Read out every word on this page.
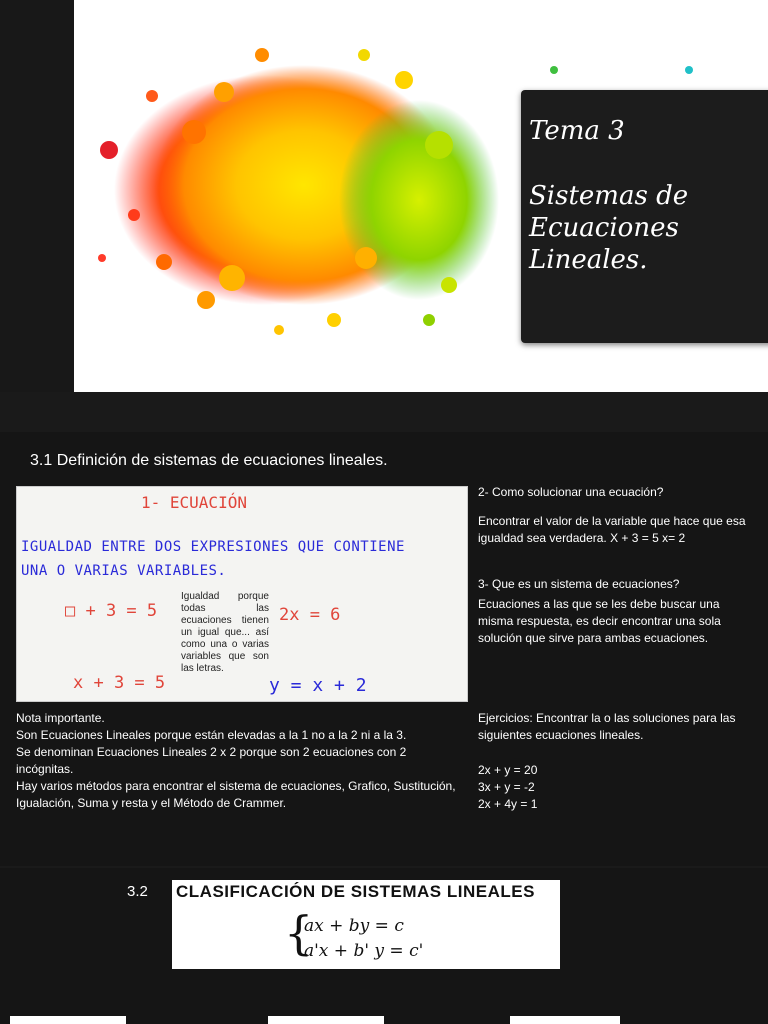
Tema 3
Sistemas de Ecuaciones Lineales.
3.1 Definición de sistemas de ecuaciones lineales.
1- ECUACIÓN
IGUALDAD ENTRE DOS EXPRESIONES QUE CONTIENE
UNA O VARIAS VARIABLES.
□ + 3 = 5	2x = 6
x + 3 = 5	y = x + 2
Igualdad porque todas las ecuaciones tienen un igual que... así como una o varias variables que son las letras.
2- Como solucionar una ecuación?
Encontrar el valor de la variable que hace que esa igualdad sea verdadera. X + 3 = 5 x= 2
3- Que es un sistema de ecuaciones?
Ecuaciones a las que se les debe buscar una misma respuesta, es decir encontrar una sola solución que sirve para ambas ecuaciones.
Nota importante.
Son Ecuaciones Lineales porque están elevadas a la 1 no a la 2 ni a la 3.
Se denominan Ecuaciones Lineales 2 x 2 porque son 2 ecuaciones con 2 incógnitas.
Hay varios métodos para encontrar el sistema de ecuaciones, Grafico, Sustitución, Igualación, Suma y resta y el Método de Crammer.
Ejercicios: Encontrar la o las soluciones para las siguientes ecuaciones lineales.
2x + y = 20
3x + y = -2
2x + 4y = 1
3.2 CLASIFICACIÓN DE SISTEMAS LINEALES
{
ax + by = c
a'x + b' y = c'
